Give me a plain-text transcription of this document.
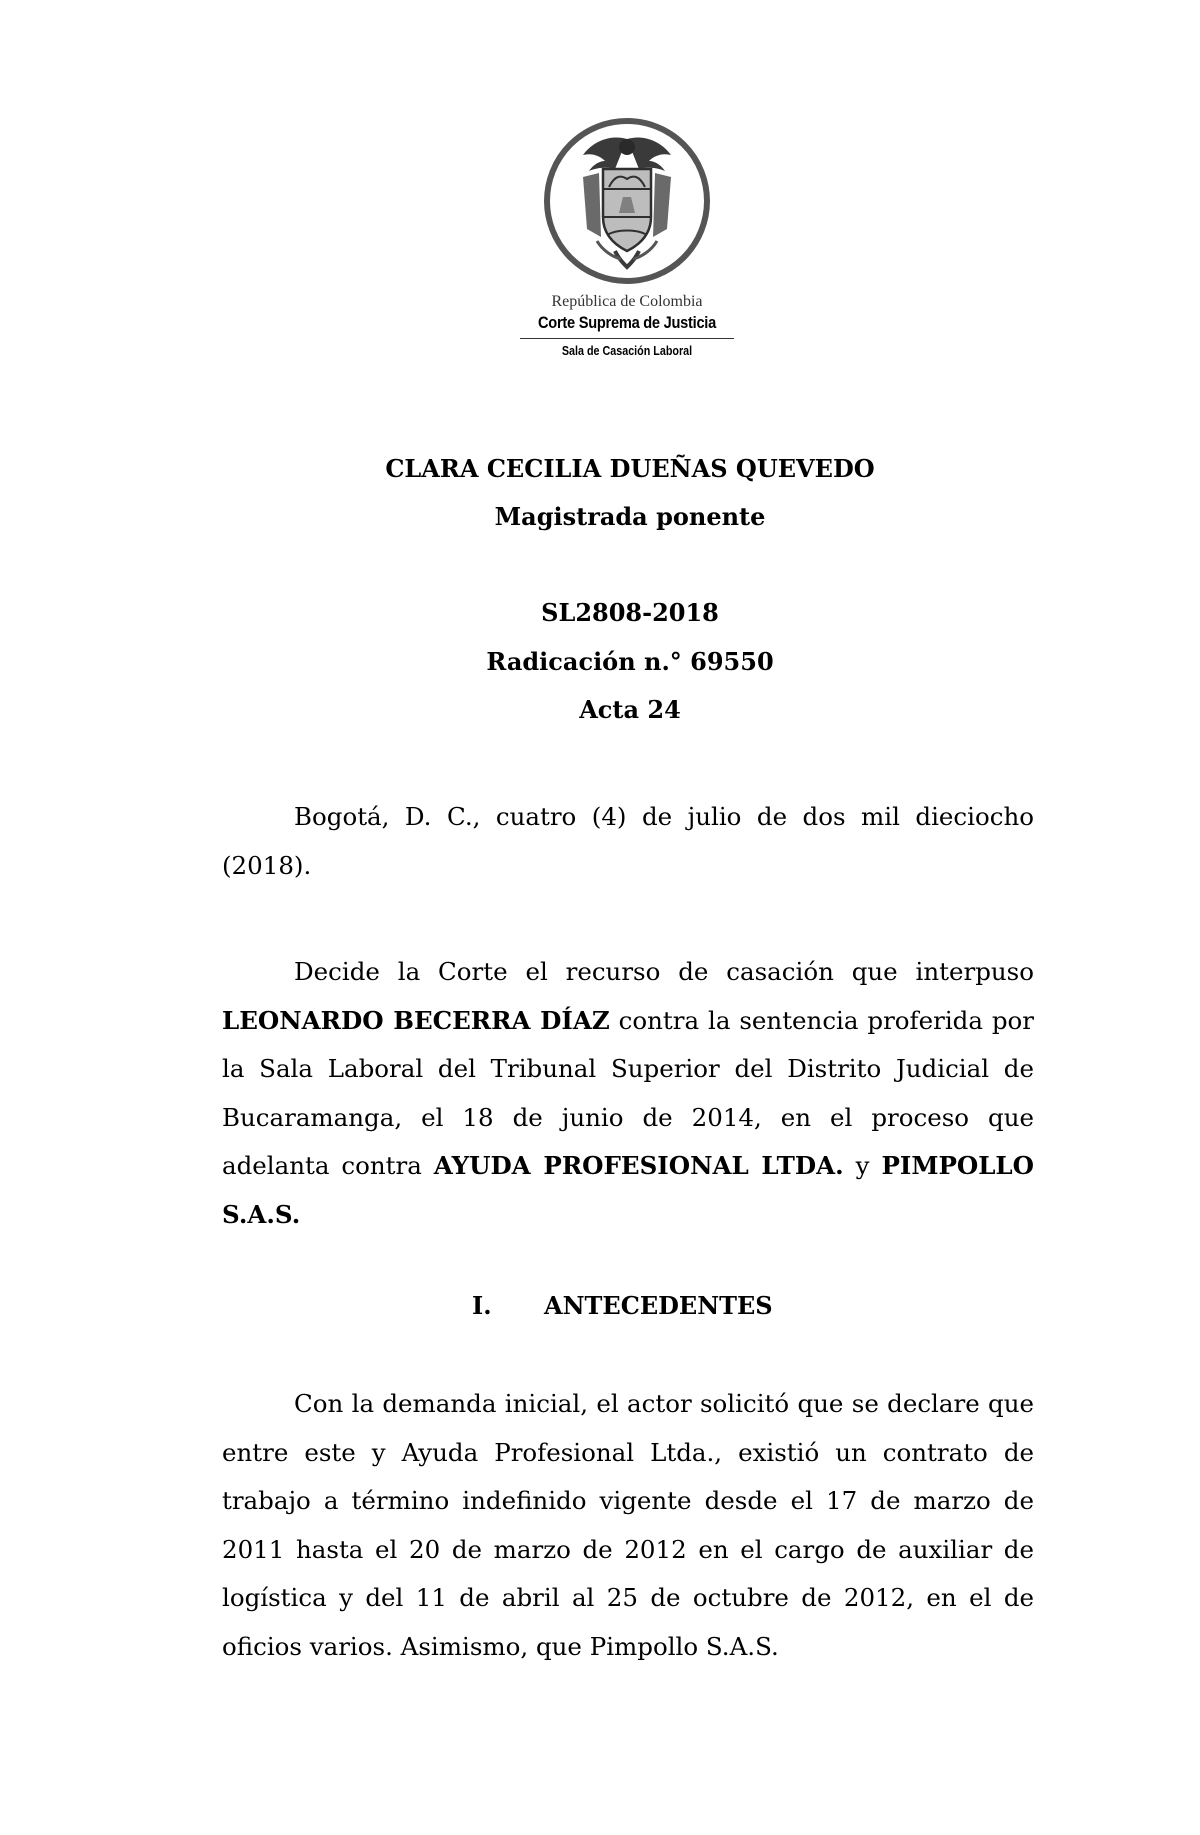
República de Colombia
Corte Suprema de Justicia
Sala de Casación Laboral
CLARA CECILIA DUEÑAS QUEVEDO
Magistrada ponente
SL2808-2018
Radicación n.° 69550
Acta 24
Bogotá, D. C., cuatro (4) de julio de dos mil dieciocho (2018).
Decide la Corte el recurso de casación que interpuso LEONARDO BECERRA DÍAZ contra la sentencia proferida por la Sala Laboral del Tribunal Superior del Distrito Judicial de Bucaramanga, el 18 de junio de 2014, en el proceso que adelanta contra AYUDA PROFESIONAL LTDA. y PIMPOLLO S.A.S.
I. ANTECEDENTES
Con la demanda inicial, el actor solicitó que se declare que entre este y Ayuda Profesional Ltda., existió un contrato de trabajo a término indefinido vigente desde el 17 de marzo de 2011 hasta el 20 de marzo de 2012 en el cargo de auxiliar de logística y del 11 de abril al 25 de octubre de 2012, en el de oficios varios. Asimismo, que Pimpollo S.A.S.
